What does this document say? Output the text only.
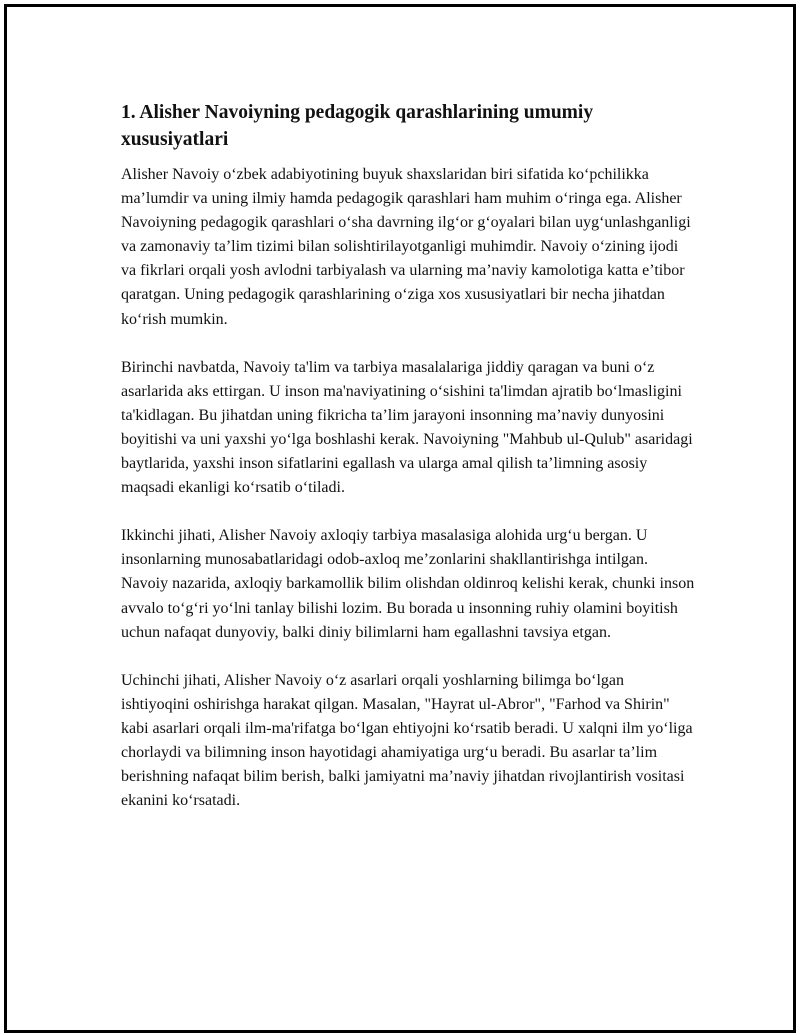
1. Alisher Navoiyning pedagogik qarashlarining umumiy xususiyatlari

Alisher Navoiy o‘zbek adabiyotining buyuk shaxslaridan biri sifatida ko‘pchilikka ma’lumdir va uning ilmiy hamda pedagogik qarashlari ham muhim o‘ringa ega. Alisher Navoiyning pedagogik qarashlari o‘sha davrning ilg‘or g‘oyalari bilan uyg‘unlashganligi va zamonaviy ta’lim tizimi bilan solishtirilayotganligi muhimdir. Navoiy o‘zining ijodi va fikrlari orqali yosh avlodni tarbiyalash va ularning ma’naviy kamolotiga katta e’tibor qaratgan. Uning pedagogik qarashlarining o‘ziga xos xususiyatlari bir necha jihatdan ko‘rish mumkin.

Birinchi navbatda, Navoiy ta'lim va tarbiya masalalariga jiddiy qaragan va buni o‘z asarlarida aks ettirgan. U inson ma'naviyatining o‘sishini ta'limdan ajratib bo‘lmasligini ta'kidlagan. Bu jihatdan uning fikricha ta’lim jarayoni insonning ma’naviy dunyosini boyitishi va uni yaxshi yo‘lga boshlashi kerak. Navoiyning "Mahbub ul-Qulub" asaridagi baytlarida, yaxshi inson sifatlarini egallash va ularga amal qilish ta’limning asosiy maqsadi ekanligi ko‘rsatib o‘tiladi.

Ikkinchi jihati, Alisher Navoiy axloqiy tarbiya masalasiga alohida urg‘u bergan. U insonlarning munosabatlaridagi odob-axloq me’zonlarini shakllantirishga intilgan. Navoiy nazarida, axloqiy barkamollik bilim olishdan oldinroq kelishi kerak, chunki inson avvalo to‘g‘ri yo‘lni tanlay bilishi lozim. Bu borada u insonning ruhiy olamini boyitish uchun nafaqat dunyoviy, balki diniy bilimlarni ham egallashni tavsiya etgan.

Uchinchi jihati, Alisher Navoiy o‘z asarlari orqali yoshlarning bilimga bo‘lgan ishtiyoqini oshirishga harakat qilgan. Masalan, "Hayrat ul-Abror", "Farhod va Shirin" kabi asarlari orqali ilm-ma'rifatga bo‘lgan ehtiyojni ko‘rsatib beradi. U xalqni ilm yo‘liga chorlaydi va bilimning inson hayotidagi ahamiyatiga urg‘u beradi. Bu asarlar ta’lim berishning nafaqat bilim berish, balki jamiyatni ma’naviy jihatdan rivojlantirish vositasi ekanini ko‘rsatadi.
